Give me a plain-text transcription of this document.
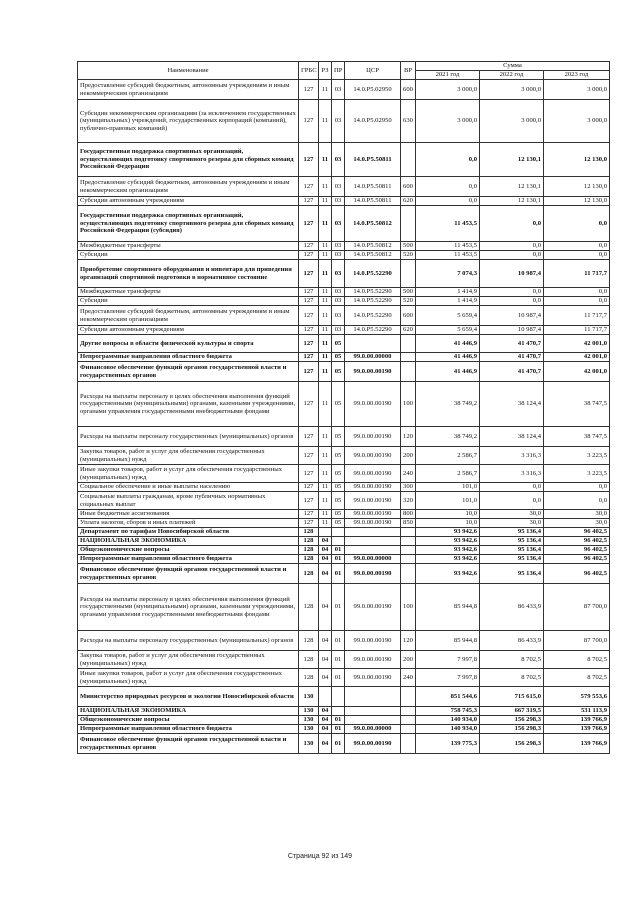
Наименование	ГРБС	РЗ	ПР	ЦСР	ВР	Сумма		
						2021 год	2022 год	2023 год
Предоставление субсидий бюджетным, автономным учреждениям и иным некоммерческим организациям	127	11	03	14.0.P5.02950	600	3 000,0	3 000,0	3 000,0
Субсидии некоммерческим организациям (за исключением государственных (муниципальных) учреждений, государственных корпораций (компаний), публично-правовых компаний)	127	11	03	14.0.P5.02950	630	3 000,0	3 000,0	3 000,0
Государственная поддержка спортивных организаций, осуществляющих подготовку спортивного резерва для сборных команд Российской Федерации	127	11	03	14.0.P5.50811		0,0	12 130,1	12 130,0
Предоставление субсидий бюджетным, автономным учреждениям и иным некоммерческим организациям	127	11	03	14.0.P5.50811	600	0,0	12 130,1	12 130,0
Субсидии автономным учреждениям	127	11	03	14.0.P5.50811	620	0,0	12 130,1	12 130,0
Государственная поддержка спортивных организаций, осуществляющих подготовку спортивного резерва для сборных команд Российской Федерации (субсидия)	127	11	03	14.0.P5.50812		11 453,5	0,0	0,0
Межбюджетные трансферты	127	11	03	14.0.P5.50812	500	11 453,5	0,0	0,0
Субсидии	127	11	03	14.0.P5.50812	520	11 453,5	0,0	0,0
Приобретение спортивного оборудования и инвентаря для приведения организаций спортивной подготовки в нормативное состояние	127	11	03	14.0.P5.52290		7 074,3	10 987,4	11 717,7
Межбюджетные трансферты	127	11	03	14.0.P5.52290	500	1 414,9	0,0	0,0
Субсидии	127	11	03	14.0.P5.52290	520	1 414,9	0,0	0,0
Предоставление субсидий бюджетным, автономным учреждениям и иным некоммерческим организациям	127	11	03	14.0.P5.52290	600	5 659,4	10 987,4	11 717,7
Субсидии автономным учреждениям	127	11	03	14.0.P5.52290	620	5 659,4	10 987,4	11 717,7
Другие вопросы в области физической культуры и спорта	127	11	05			41 446,9	41 470,7	42 001,0
Непрограммные направления областного бюджета	127	11	05	99.0.00.00000		41 446,9	41 470,7	42 001,0
Финансовое обеспечение функций органов государственной власти и государственных органов	127	11	05	99.0.00.00190		41 446,9	41 470,7	42 001,0
Расходы на выплаты персоналу в целях обеспечения выполнения функций государственными (муниципальными) органами, казенными учреждениями, органами управления государственными внебюджетными фондами	127	11	05	99.0.00.00190	100	38 749,2	38 124,4	38 747,5
Расходы на выплаты персоналу государственных (муниципальных) органов	127	11	05	99.0.00.00190	120	38 749,2	38 124,4	38 747,5
Закупка товаров, работ и услуг для обеспечения государственных (муниципальных) нужд	127	11	05	99.0.00.00190	200	2 586,7	3 316,3	3 223,5
Иные закупки товаров, работ и услуг для обеспечения государственных (муниципальных) нужд	127	11	05	99.0.00.00190	240	2 586,7	3 316,3	3 223,5
Социальное обеспечение и иные выплаты населению	127	11	05	99.0.00.00190	300	101,0	0,0	0,0
Социальные выплаты гражданам, кроме публичных нормативных социальных выплат	127	11	05	99.0.00.00190	320	101,0	0,0	0,0
Иные бюджетные ассигнования	127	11	05	99.0.00.00190	800	10,0	30,0	30,0
Уплата налогов, сборов и иных платежей	127	11	05	99.0.00.00190	850	10,0	30,0	30,0
Департамент по тарифам Новосибирской области	128					93 942,6	95 136,4	96 402,5
НАЦИОНАЛЬНАЯ ЭКОНОМИКА	128	04				93 942,6	95 136,4	96 402,5
Общеэкономические вопросы	128	04	01			93 942,6	95 136,4	96 402,5
Непрограммные направления областного бюджета	128	04	01	99.0.00.00000		93 942,6	95 136,4	96 402,5
Финансовое обеспечение функций органов государственной власти и государственных органов	128	04	01	99.0.00.00190		93 942,6	95 136,4	96 402,5
Расходы на выплаты персоналу в целях обеспечения выполнения функций государственными (муниципальными) органами, казенными учреждениями, органами управления государственными внебюджетными фондами	128	04	01	99.0.00.00190	100	85 944,8	86 433,9	87 700,0
Расходы на выплаты персоналу государственных (муниципальных) органов	128	04	01	99.0.00.00190	120	85 944,8	86 433,9	87 700,0
Закупка товаров, работ и услуг для обеспечения государственных (муниципальных) нужд	128	04	01	99.0.00.00190	200	7 997,8	8 702,5	8 702,5
Иные закупки товаров, работ и услуг для обеспечения государственных (муниципальных) нужд	128	04	01	99.0.00.00190	240	7 997,8	8 702,5	8 702,5
Министерство природных ресурсов и экологии Новосибирской области	130					851 544,6	715 615,0	579 553,6
НАЦИОНАЛЬНАЯ ЭКОНОМИКА	130	04				758 745,3	667 319,5	531 113,9
Общеэкономические вопросы	130	04	01			140 934,0	156 298,3	139 766,9
Непрограммные направления областного бюджета	130	04	01	99.0.00.00000		140 934,0	156 298,3	139 766,9
Финансовое обеспечение функций органов государственной власти и государственных органов	130	04	01	99.0.00.00190		139 775,3	156 298,3	139 766,9
Страница 92 из 149
